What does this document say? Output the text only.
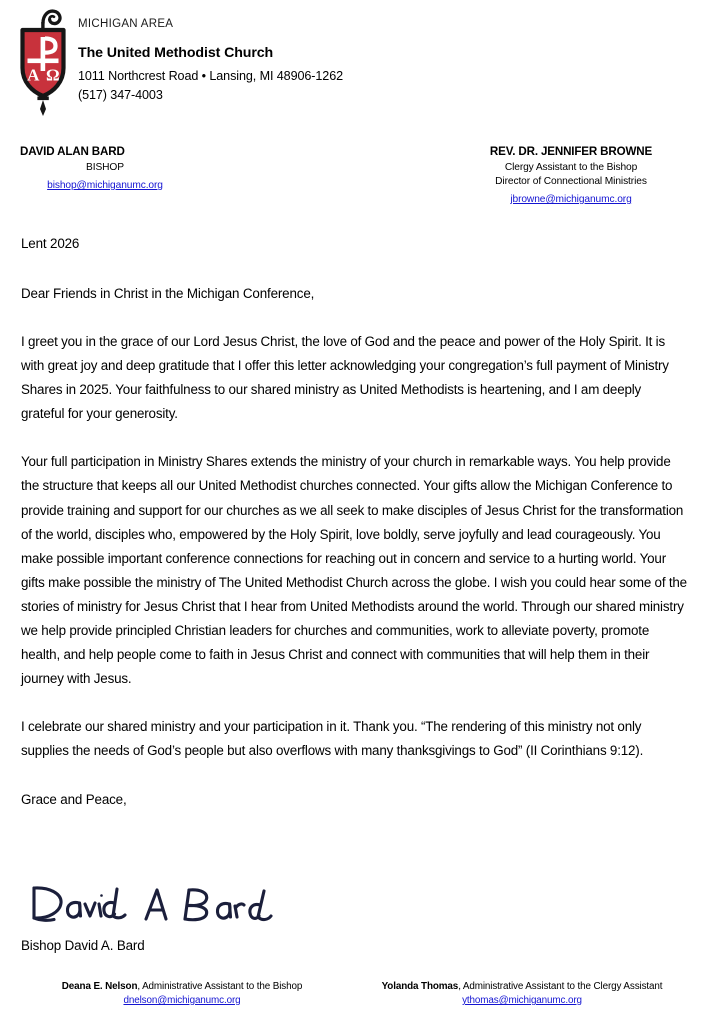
A Ω

MICHIGAN AREA

The United Methodist Church

1011 Northcrest Road • Lansing, MI 48906-1262

(517) 347-4003

DAVID ALAN BARD

BISHOP

bishop@michiganumc.org

REV. DR. JENNIFER BROWNE

Clergy Assistant to the Bishop

Director of Connectional Ministries

jbrowne@michiganumc.org

Lent 2026

Dear Friends in Christ in the Michigan Conference,

I greet you in the grace of our Lord Jesus Christ, the love of God and the peace and power of the Holy Spirit. It is with great joy and deep gratitude that I offer this letter acknowledging your congregation’s full payment of Ministry Shares in 2025. Your faithfulness to our shared ministry as United Methodists is heartening, and I am deeply grateful for your generosity.

Your full participation in Ministry Shares extends the ministry of your church in remarkable ways. You help provide the structure that keeps all our United Methodist churches connected. Your gifts allow the Michigan Conference to provide training and support for our churches as we all seek to make disciples of Jesus Christ for the transformation of the world, disciples who, empowered by the Holy Spirit, love boldly, serve joyfully and lead courageously. You make possible important conference connections for reaching out in concern and service to a hurting world. Your gifts make possible the ministry of The United Methodist Church across the globe. I wish you could hear some of the stories of ministry for Jesus Christ that I hear from United Methodists around the world. Through our shared ministry we help provide principled Christian leaders for churches and communities, work to alleviate poverty, promote health, and help people come to faith in Jesus Christ and connect with communities that will help them in their journey with Jesus.

I celebrate our shared ministry and your participation in it. Thank you. “The rendering of this ministry not only supplies the needs of God’s people but also overflows with many thanksgivings to God” (II Corinthians 9:12).

Grace and Peace,

Bishop David A. Bard

Deana E. Nelson, Administrative Assistant to the Bishop

dnelson@michiganumc.org

Yolanda Thomas, Administrative Assistant to the Clergy Assistant

ythomas@michiganumc.org
